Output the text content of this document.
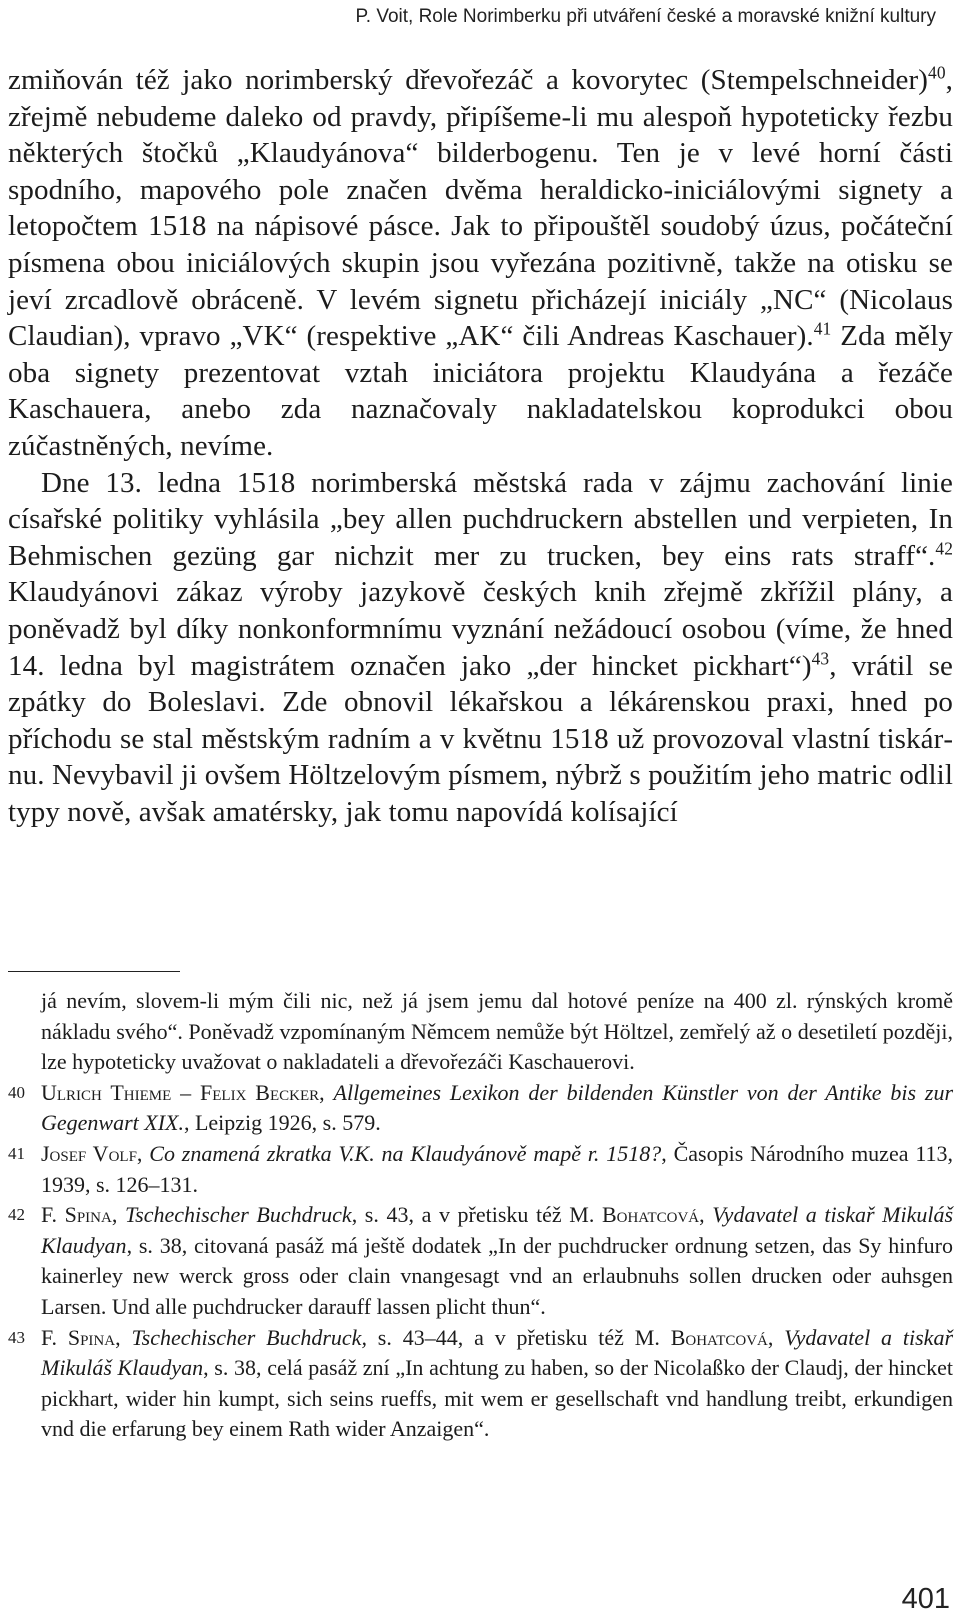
P. Voit, Role Norimberku při utváření české a moravské knižní kultury

zmiňován též jako norimberský dřevořezáč a kovorytec (Stempelschneider)$^{40}$, zřejmě nebudeme daleko od pravdy, připíšeme-li mu alespoň hypoteticky řezbu některých štočků „Klaudyánova“ bilderbogenu. Ten je v levé horní části spodního, mapového pole značen dvěma heraldicko-iniciálovými signety a letopočtem 1518 na nápisové pásce. Jak to připouštěl soudobý úzus, počáteční písmena obou iniciálových skupin jsou vyřezána pozitivně, takže na otisku se jeví zrcadlově obráceně. V levém signetu přicházejí iniciály „NC“ (Nicolaus Claudian), vpravo „VK“ (respektive „AK“ čili Andreas Kaschauer).$^{41}$ Zda měly oba signety prezentovat vztah iniciátora projektu Klaudyána a řezáče Kaschauera, anebo zda naznačovaly nakladatelskou koprodukci obou zúčastněných, nevíme.

Dne 13. ledna 1518 norimberská městská rada v zájmu zachování linie císařské politiky vyhlásila „bey allen puchdruckern abstellen und verpieten, In Behmischen gezüng gar nichzit mer zu trucken, bey eins rats straff“.$^{42}$ Klaudyánovi zákaz výroby jazykově českých knih zřejmě zkřížil plány, a poněvadž byl díky nonkonformnímu vyznání nežádoucí osobou (víme, že hned 14. ledna byl magistrátem označen jako „der hincket pickhart“)$^{43}$, vrátil se zpátky do Boleslavi. Zde obnovil lékařskou a lékárenskou praxi, hned po příchodu se stal městským radním a v květnu 1518 už provozoval vlastní tiskárnu. Nevybavil ji ovšem Höltzelovým písmem, nýbrž s použitím jeho matric odlil typy nově, avšak amatérsky, jak tomu napovídá kolísající

já nevím, slovem-li mým čili nic, než já jsem jemu dal hotové peníze na 400 zl. rýnských kromě nákladu svého“. Poněvadž vzpomínaným Němcem nemůže být Höltzel, zemřelý až o desetiletí později, lze hypoteticky uvažovat o nakladateli a dřevořezáči Kaschauerovi.
40 Ulrich Thieme – Felix Becker, Allgemeines Lexikon der bildenden Künstler von der Antike bis zur Gegenwart XIX., Leipzig 1926, s. 579.
41 Josef Volf, Co znamená zkratka V.K. na Klaudyánově mapě r. 1518?, Časopis Národního muzea 113, 1939, s. 126–131.
42 F. Spina, Tschechischer Buchdruck, s. 43, a v přetisku též M. Bohatcová, Vydavatel a tiskař Mikuláš Klaudyan, s. 38, citovaná pasáž má ještě dodatek „In der puchdrucker ordnung setzen, das Sy hinfuro kainerley new werck gross oder clain vnangesagt vnd an erlaubnuhs sollen drucken oder auhsgen Larsen. Und alle puchdrucker darauff lassen plicht thun“.
43 F. Spina, Tschechischer Buchdruck, s. 43–44, a v přetisku též M. Bohatcová, Vydavatel a tiskař Mikuláš Klaudyan, s. 38, celá pasáž zní „In achtung zu haben, so der Nicolaßko der Claudj, der hincket pickhart, wider hin kumpt, sich seins rueffs, mit wem er gesellschaft vnd handlung treibt, erkundigen vnd die erfarung bey einem Rath wider Anzaigen“.
401
